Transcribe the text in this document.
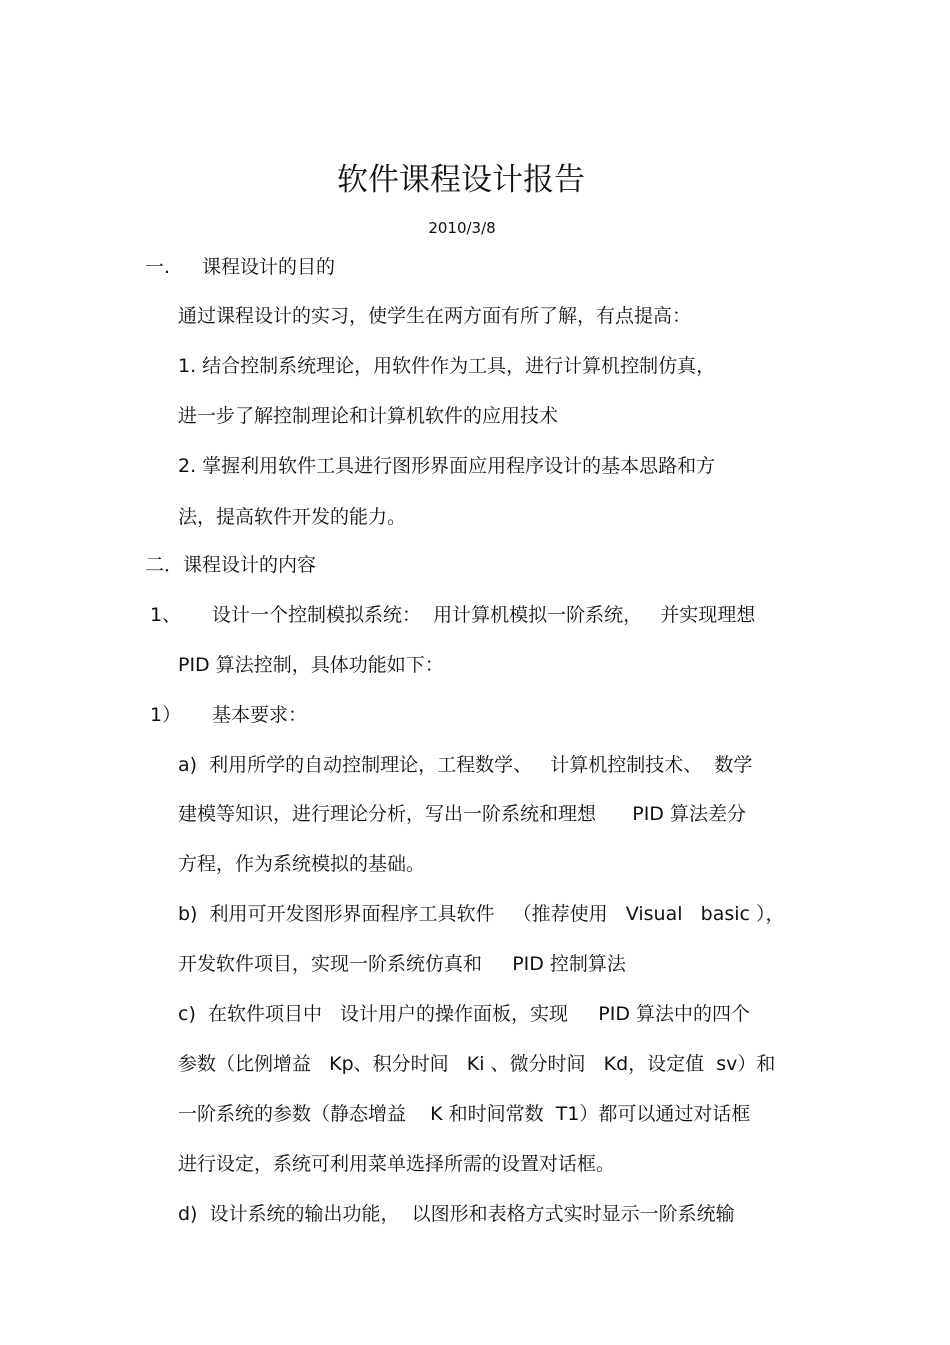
软件课程设计报告
2010/3/8
一. 课程设计的目的
通过课程设计的实习，使学生在两方面有所了解，有点提高：
1. 结合控制系统理论，用软件作为工具，进行计算机控制仿真，
进一步了解控制理论和计算机软件的应用技术
2. 掌握利用软件工具进行图形界面应用程序设计的基本思路和方
法，提高软件开发的能力。
二．课程设计的内容
1、 设计一个控制模拟系统：  用计算机模拟一阶系统，   并实现理想
PID 算法控制，具体功能如下：
1） 基本要求：
a)  利用所学的自动控制理论，工程数学、   计算机控制技术、  数学
建模等知识，进行理论分析，写出一阶系统和理想      PID 算法差分
方程，作为系统模拟的基础。
b)  利用可开发图形界面程序工具软件   （推荐使用   Visual   basic ），
开发软件项目，实现一阶系统仿真和     PID 控制算法
c)  在软件项目中   设计用户的操作面板，实现     PID 算法中的四个
参数（比例增益   Kp、积分时间   Ki 、微分时间   Kd，设定值  sv）和
一阶系统的参数（静态增益    K 和时间常数  T1）都可以通过对话框
进行设定，系统可利用菜单选择所需的设置对话框。
d)  设计系统的输出功能，  以图形和表格方式实时显示一阶系统输
